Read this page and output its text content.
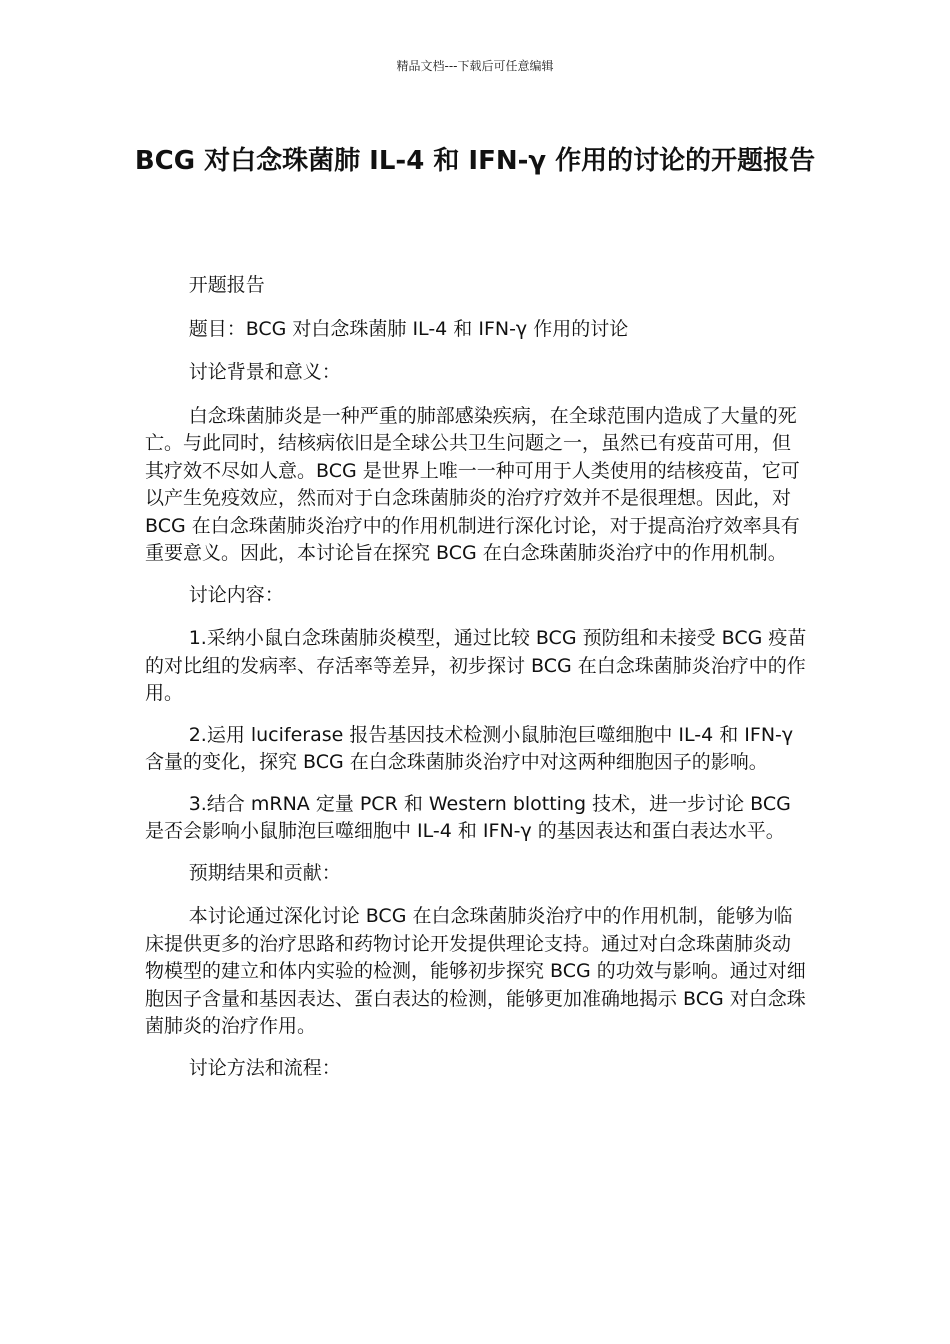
精品文档---下载后可任意编辑
BCG 对白念珠菌肺 IL-4 和 IFN-γ 作用的讨论的开题报告

开题报告

题目：BCG 对白念珠菌肺 IL-4 和 IFN-γ 作用的讨论

讨论背景和意义：

白念珠菌肺炎是一种严重的肺部感染疾病，在全球范围内造成了大量的死亡。与此同时，结核病依旧是全球公共卫生问题之一，虽然已有疫苗可用，但其疗效不尽如人意。BCG 是世界上唯一一种可用于人类使用的结核疫苗，它可以产生免疫效应，然而对于白念珠菌肺炎的治疗疗效并不是很理想。因此，对 BCG 在白念珠菌肺炎治疗中的作用机制进行深化讨论，对于提高治疗效率具有重要意义。因此，本讨论旨在探究 BCG 在白念珠菌肺炎治疗中的作用机制。

讨论内容：

1.采纳小鼠白念珠菌肺炎模型，通过比较 BCG 预防组和未接受 BCG 疫苗的对比组的发病率、存活率等差异，初步探讨 BCG 在白念珠菌肺炎治疗中的作用。

2.运用 luciferase 报告基因技术检测小鼠肺泡巨噬细胞中 IL-4 和 IFN-γ 含量的变化，探究 BCG 在白念珠菌肺炎治疗中对这两种细胞因子的影响。

3.结合 mRNA 定量 PCR 和 Western blotting 技术，进一步讨论 BCG 是否会影响小鼠肺泡巨噬细胞中 IL-4 和 IFN-γ 的基因表达和蛋白表达水平。

预期结果和贡献：

本讨论通过深化讨论 BCG 在白念珠菌肺炎治疗中的作用机制，能够为临床提供更多的治疗思路和药物讨论开发提供理论支持。通过对白念珠菌肺炎动物模型的建立和体内实验的检测，能够初步探究 BCG 的功效与影响。通过对细胞因子含量和基因表达、蛋白表达的检测，能够更加准确地揭示 BCG 对白念珠菌肺炎的治疗作用。

讨论方法和流程：
